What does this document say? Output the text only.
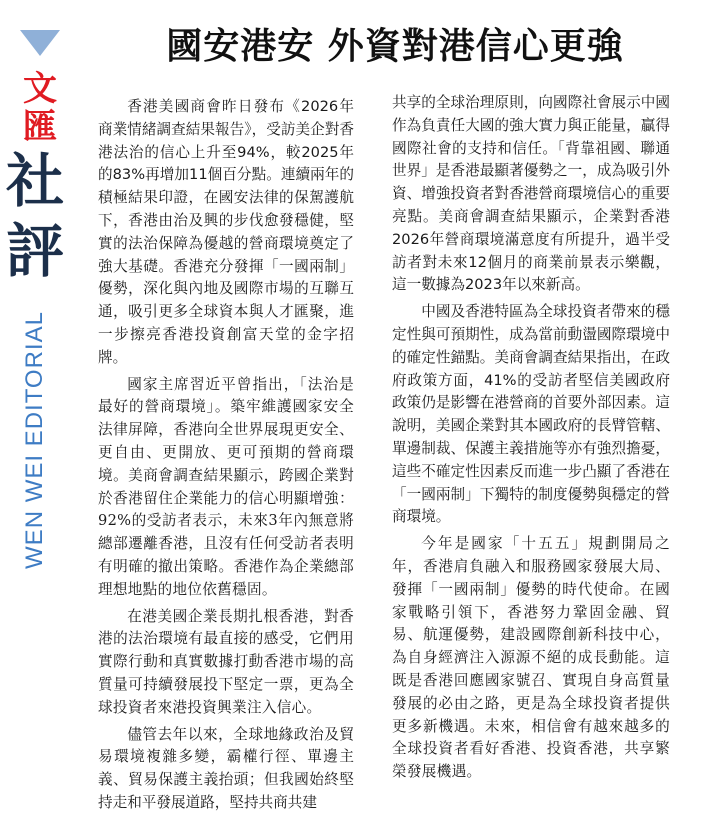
文匯
社評
WEN WEI EDITORIAL
國安港安 外資對港信心更強

香港美國商會昨日發布《2026年商業情緒調查結果報告》，受訪美企對香港法治的信心上升至94%，較2025年的83%再增加11個百分點。連續兩年的積極結果印證，在國安法律的保駕護航下，香港由治及興的步伐愈發穩健，堅實的法治保障為優越的營商環境奠定了強大基礎。香港充分發揮「一國兩制」優勢，深化與內地及國際市場的互聯互通，吸引更多全球資本與人才匯聚，進一步擦亮香港投資創富天堂的金字招牌。

國家主席習近平曾指出，「法治是最好的營商環境」。築牢維護國家安全法律屏障，香港向全世界展現更安全、更自由、更開放、更可預期的營商環境。美商會調查結果顯示，跨國企業對於香港留住企業能力的信心明顯增強：92%的受訪者表示，未來3年內無意將總部遷離香港，且沒有任何受訪者表明有明確的撤出策略。香港作為企業總部理想地點的地位依舊穩固。

在港美國企業長期扎根香港，對香港的法治環境有最直接的感受，它們用實際行動和真實數據打動香港市場的高質量可持續發展投下堅定一票，更為全球投資者來港投資興業注入信心。

儘管去年以來，全球地緣政治及貿易環境複雜多變，霸權行徑、單邊主義、貿易保護主義抬頭；但我國始終堅持走和平發展道路，堅持共商共建

共享的全球治理原則，向國際社會展示中國作為負責任大國的強大實力與正能量，贏得國際社會的支持和信任。「背靠祖國、聯通世界」是香港最顯著優勢之一，成為吸引外資、增強投資者對香港營商環境信心的重要亮點。美商會調查結果顯示，企業對香港2026年營商環境滿意度有所提升，過半受訪者對未來12個月的商業前景表示樂觀，這一數據為2023年以來新高。

中國及香港特區為全球投資者帶來的穩定性與可預期性，成為當前動盪國際環境中的確定性錨點。美商會調查結果指出，在政府政策方面，41%的受訪者堅信美國政府政策仍是影響在港營商的首要外部因素。這說明，美國企業對其本國政府的長臂管轄、單邊制裁、保護主義措施等亦有強烈擔憂，這些不確定性因素反而進一步凸顯了香港在「一國兩制」下獨特的制度優勢與穩定的營商環境。

今年是國家「十五五」規劃開局之年，香港肩負融入和服務國家發展大局、發揮「一國兩制」優勢的時代使命。在國家戰略引領下，香港努力鞏固金融、貿易、航運優勢，建設國際創新科技中心，為自身經濟注入源源不絕的成長動能。這既是香港回應國家號召、實現自身高質量發展的必由之路，更是為全球投資者提供更多新機遇。未來，相信會有越來越多的全球投資者看好香港、投資香港，共享繁榮發展機遇。
